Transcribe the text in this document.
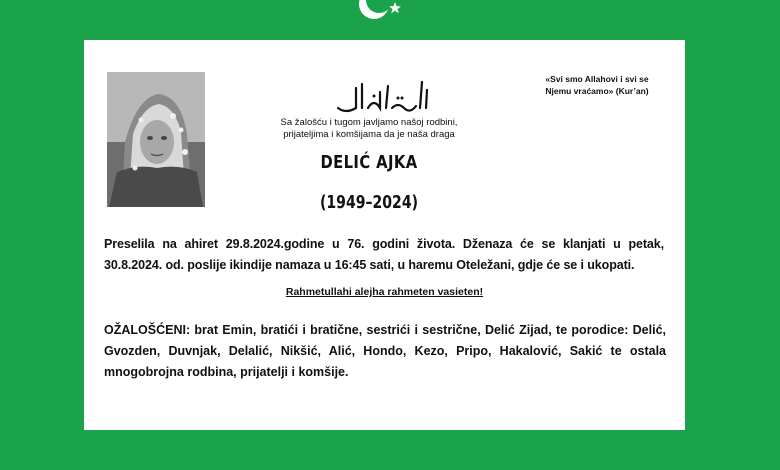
«Svi smo Allahovi i svi se
Njemu vraćamo» (Kur’an)
Sa žalošću i tugom javljamo našoj rodbini,
prijateljima i komšijama da je naša draga
DELIĆ AJKA
(1949–2024)
Preselila na ahiret 29.8.2024.godine u 76. godini života. Dženaza će se klanjati u petak, 30.8.2024. od. poslije ikindije namaza u 16:45 sati, u haremu Oteležani, gdje će se i ukopati.
Rahmetullahi alejha rahmeten vasieten!
OŽALOŠĆENI: brat Emin, bratići i bratične, sestrići i sestrične, Delić Zijad, te porodice: Delić, Gvozden, Duvnjak, Delalić, Nikšić, Alić, Hondo, Kezo, Pripo, Hakalović, Sakić te ostala mnogobrojna rodbina, prijatelji i komšije.
